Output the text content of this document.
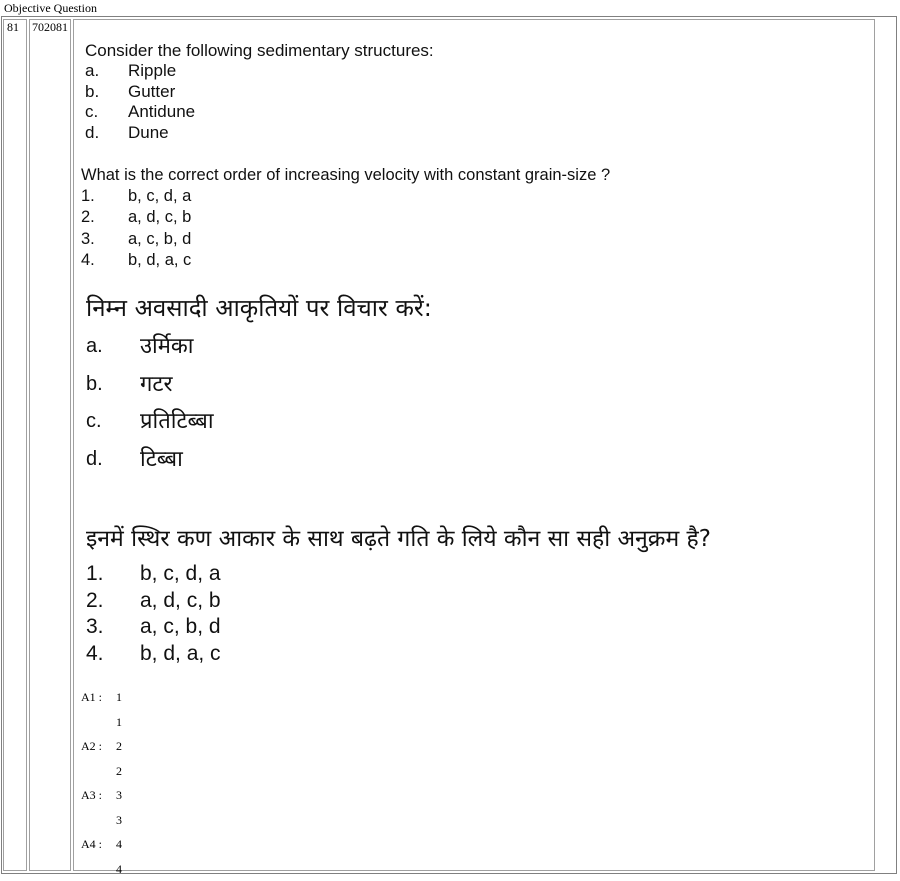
Objective Question
81	702081
Consider the following sedimentary structures:
a.	Ripple
b.	Gutter
c.	Antidune
d.	Dune
What is the correct order of increasing velocity with constant grain-size ?
1.	b, c, d, a
2.	a, d, c, b
3.	a, c, b, d
4.	b, d, a, c
निम्न अवसादी आकृतियों पर विचार करें:
a.	उर्मिका
b.	गटर
c.	प्रतिटिब्बा
d.	टिब्बा
इनमें स्थिर कण आकार के साथ बढ़ते गति के लिये कौन सा सही अनुक्रम है?
1.	b, c, d, a
2.	a, d, c, b
3.	a, c, b, d
4.	b, d, a, c
A1 :	1
1
A2 :	2
2
A3 :	3
3
A4 :	4
4
